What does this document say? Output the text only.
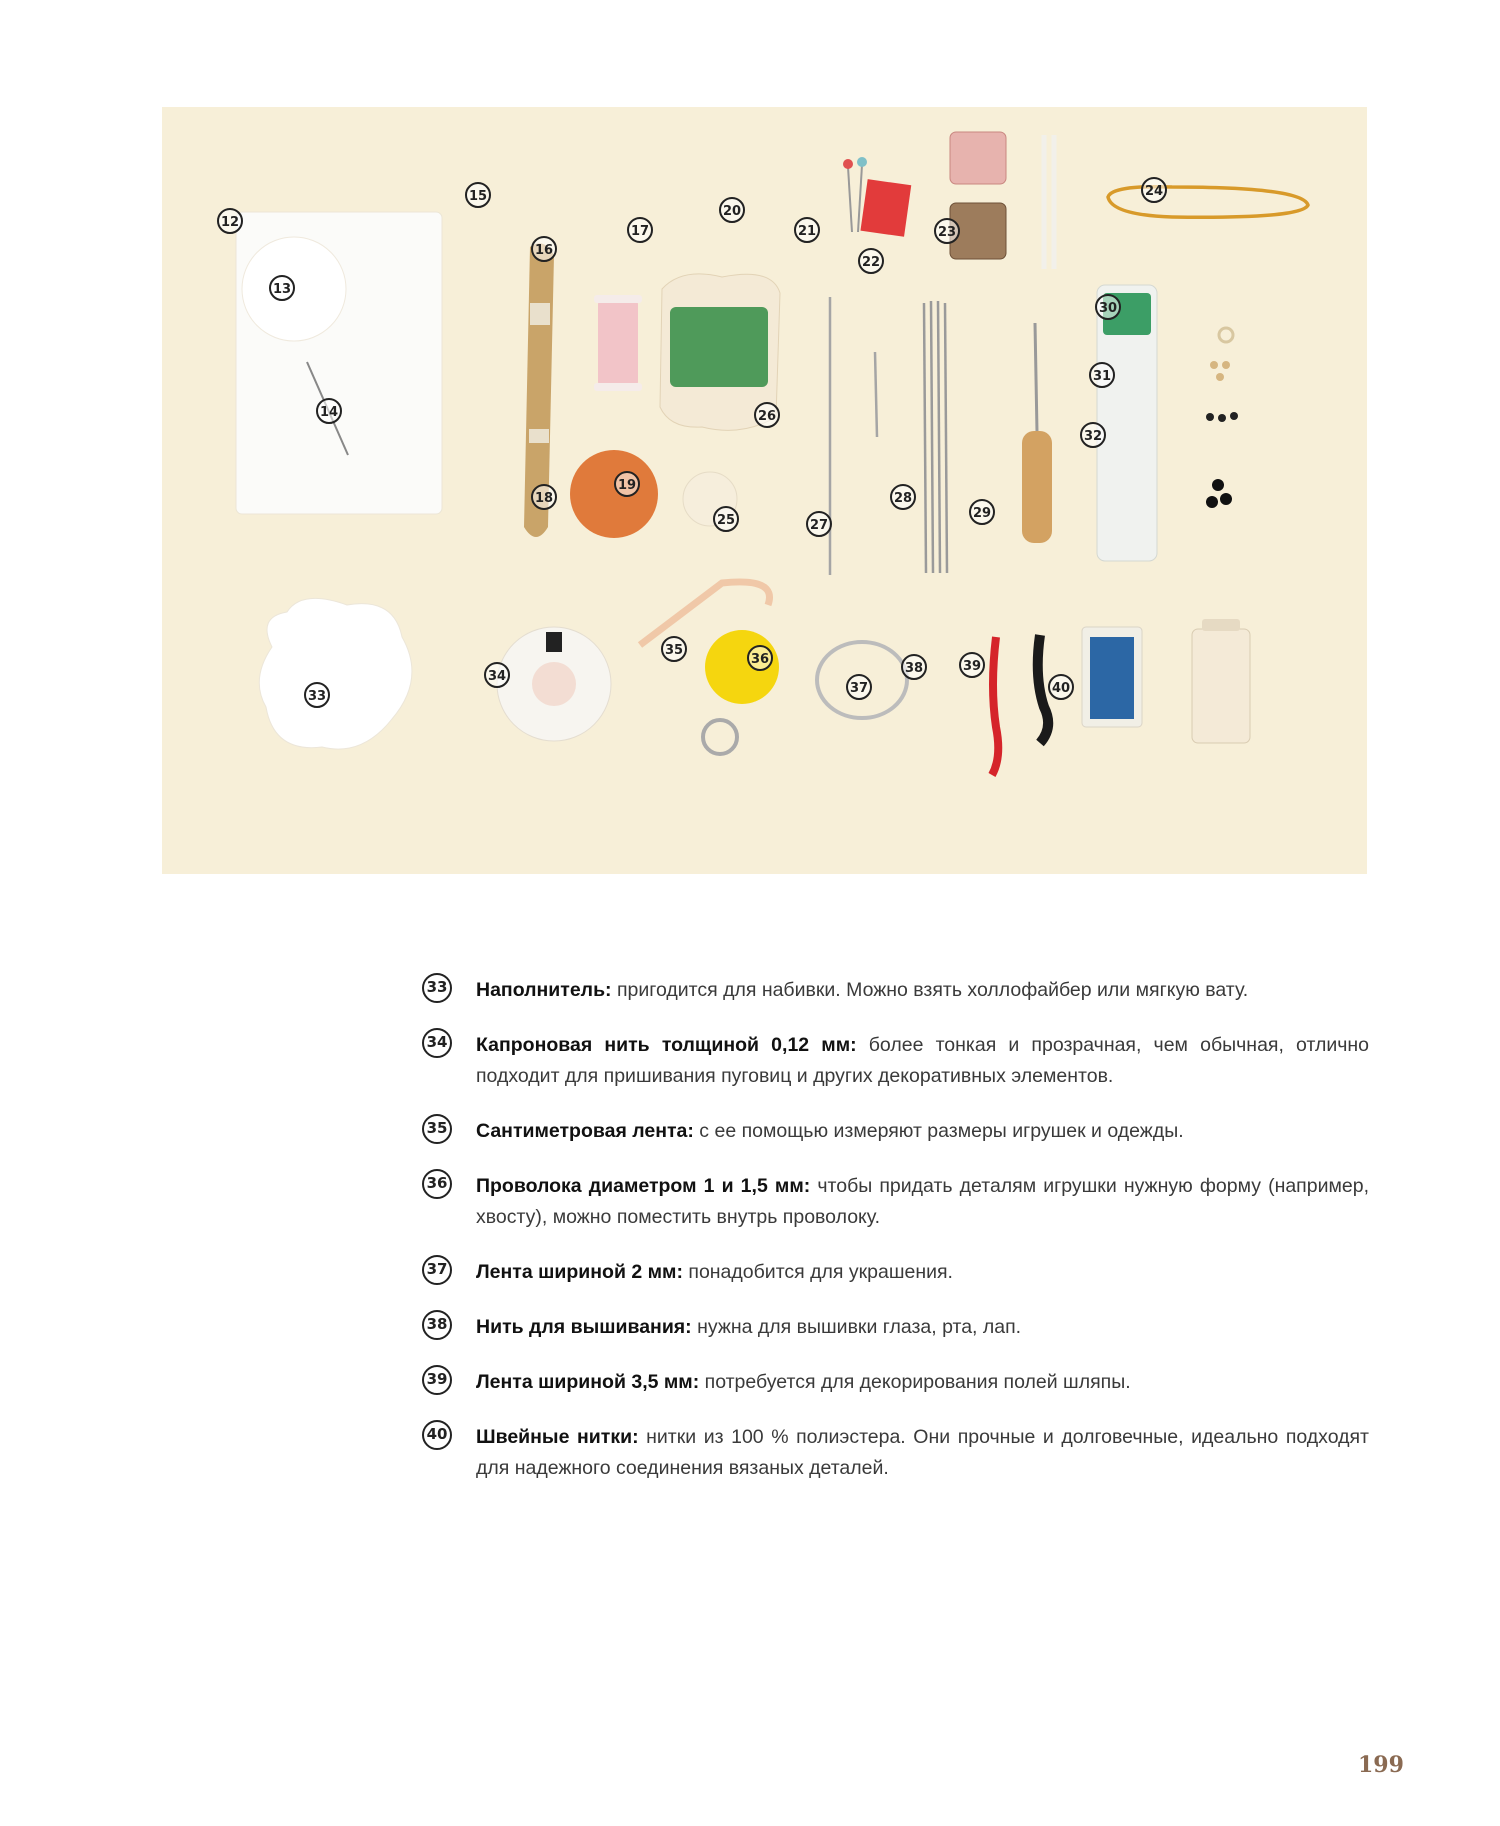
12
13
14
15
16
17
18
19
20
21
22
23
24
25
26
27
28
29
30
31
32
33
34
35
36
37
38	39
40
33 Наполнитель: пригодится для набивки. Можно взять холлофайбер или мягкую вату.
34 Капроновая нить толщиной 0,12 мм: более тонкая и прозрачная, чем обычная, отлично подходит для пришивания пуговиц и других декоративных элементов.
35 Сантиметровая лента: с ее помощью измеряют размеры игрушек и одежды.
36 Проволока диаметром 1 и 1,5 мм: чтобы придать деталям игрушки нужную форму (например, хвосту), можно поместить внутрь проволоку.
37 Лента шириной 2 мм: понадобится для украшения.
38 Нить для вышивания: нужна для вышивки глаза, рта, лап.
39 Лента шириной 3,5 мм: потребуется для декорирования полей шляпы.
40 Швейные нитки: нитки из 100 % полиэстера. Они прочные и долговечные, идеально подходят для надежного соединения вязаных деталей.
199
